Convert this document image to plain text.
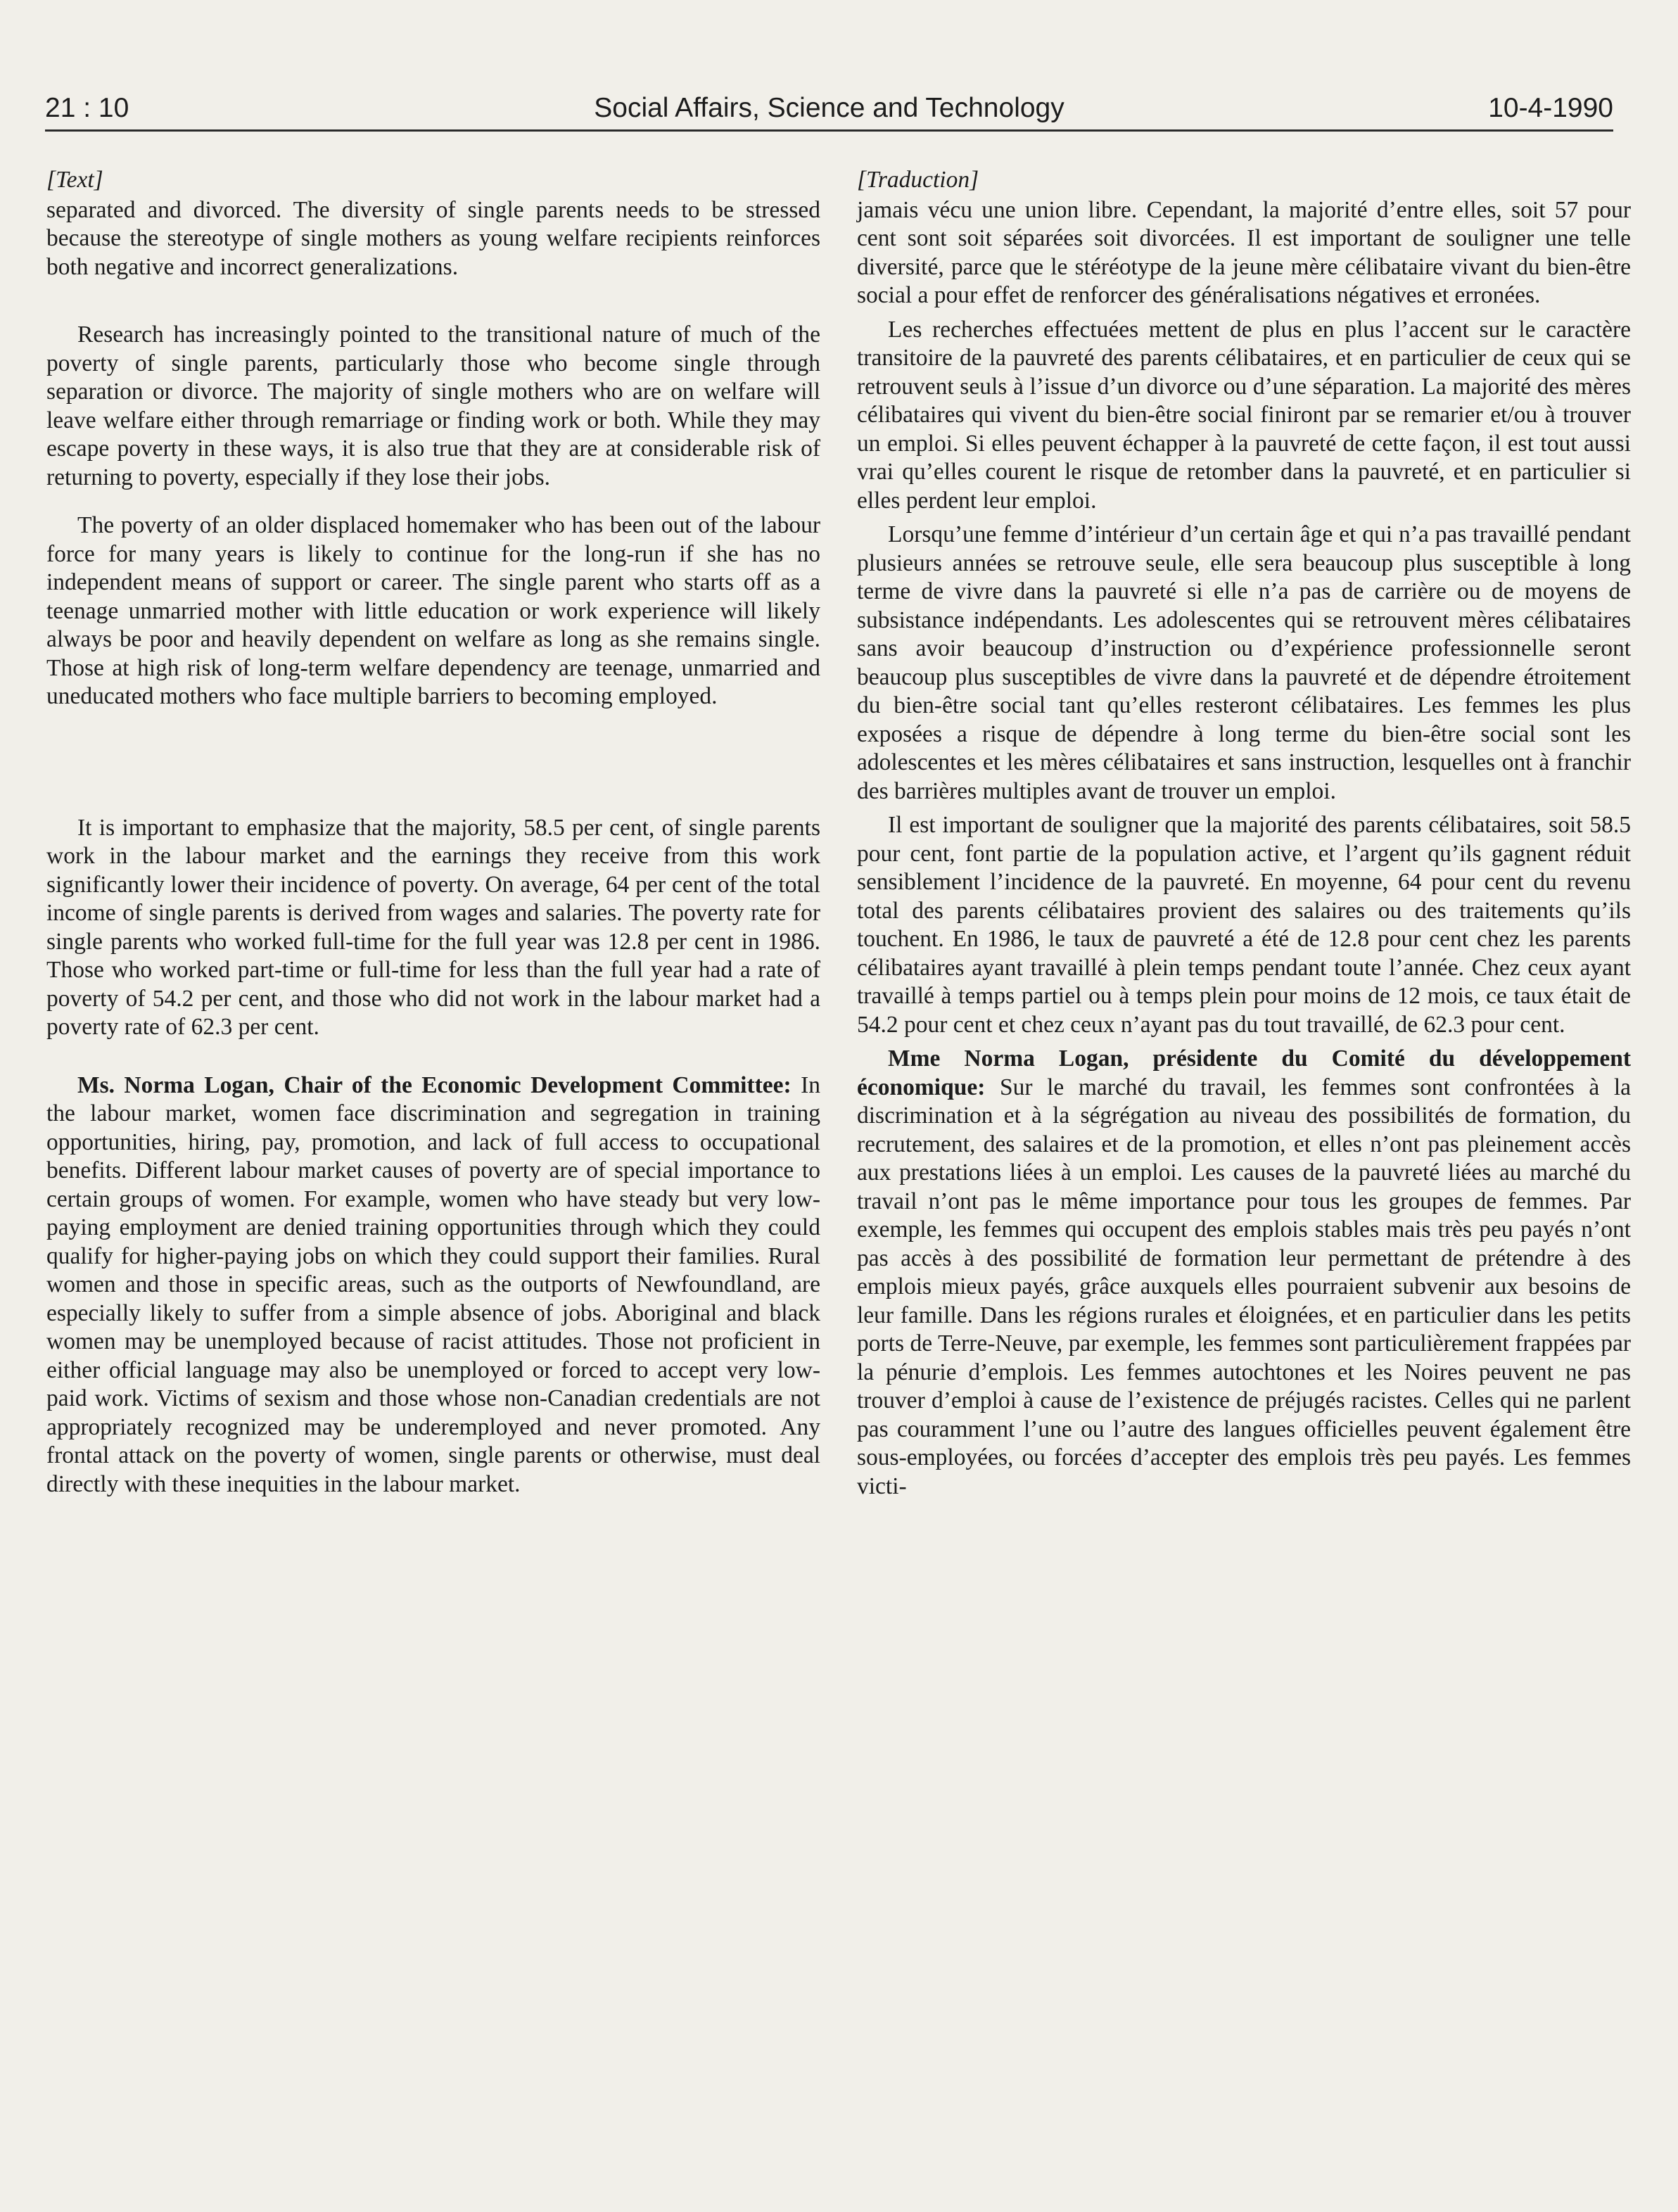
21 : 10	Social Affairs, Science and Technology	10-4-1990
[Text]

separated and divorced. The diversity of single parents needs to be stressed because the stereotype of single mothers as young welfare recipients reinforces both negative and incorrect generalizations.

Research has increasingly pointed to the transitional nature of much of the poverty of single parents, particularly those who become single through separation or divorce. The majority of single mothers who are on welfare will leave welfare either through remarriage or finding work or both. While they may escape poverty in these ways, it is also true that they are at considerable risk of returning to poverty, especially if they lose their jobs.

The poverty of an older displaced homemaker who has been out of the labour force for many years is likely to continue for the long-run if she has no independent means of support or career. The single parent who starts off as a teenage unmarried mother with little education or work experience will likely always be poor and heavily dependent on welfare as long as she remains single. Those at high risk of long-term welfare dependency are teenage, unmarried and uneducated mothers who face multiple barriers to becoming employed.

It is important to emphasize that the majority, 58.5 per cent, of single parents work in the labour market and the earnings they receive from this work significantly lower their incidence of poverty. On average, 64 per cent of the total income of single parents is derived from wages and salaries. The poverty rate for single parents who worked full-time for the full year was 12.8 per cent in 1986. Those who worked part-time or full-time for less than the full year had a rate of poverty of 54.2 per cent, and those who did not work in the labour market had a poverty rate of 62.3 per cent.

Ms. Norma Logan, Chair of the Economic Development Committee: In the labour market, women face discrimination and segregation in training opportunities, hiring, pay, promotion, and lack of full access to occupational benefits. Different labour market causes of poverty are of special importance to certain groups of women. For example, women who have steady but very low-paying employment are denied training opportunities through which they could qualify for higher-paying jobs on which they could support their families. Rural women and those in specific areas, such as the outports of Newfoundland, are especially likely to suffer from a simple absence of jobs. Aboriginal and black women may be unemployed because of racist attitudes. Those not proficient in either official language may also be unemployed or forced to accept very low-paid work. Victims of sexism and those whose non-Canadian credentials are not appropriately recognized may be underemployed and never promoted. Any frontal attack on the poverty of women, single parents or otherwise, must deal directly with these inequities in the labour market.

[Traduction]

jamais vécu une union libre. Cependant, la majorité d’entre elles, soit 57 pour cent sont soit séparées soit divorcées. Il est important de souligner une telle diversité, parce que le stéréotype de la jeune mère célibataire vivant du bien-être social a pour effet de renforcer des généralisations négatives et erronées.

Les recherches effectuées mettent de plus en plus l’accent sur le caractère transitoire de la pauvreté des parents célibataires, et en particulier de ceux qui se retrouvent seuls à l’issue d’un divorce ou d’une séparation. La majorité des mères célibataires qui vivent du bien-être social finiront par se remarier et/ou à trouver un emploi. Si elles peuvent échapper à la pauvreté de cette façon, il est tout aussi vrai qu’elles courent le risque de retomber dans la pauvreté, et en particulier si elles perdent leur emploi.

Lorsqu’une femme d’intérieur d’un certain âge et qui n’a pas travaillé pendant plusieurs années se retrouve seule, elle sera beaucoup plus susceptible à long terme de vivre dans la pauvreté si elle n’a pas de carrière ou de moyens de subsistance indépendants. Les adolescentes qui se retrouvent mères célibataires sans avoir beaucoup d’instruction ou d’expérience professionnelle seront beaucoup plus susceptibles de vivre dans la pauvreté et de dépendre étroitement du bien-être social tant qu’elles resteront célibataires. Les femmes les plus exposées a risque de dépendre à long terme du bien-être social sont les adolescentes et les mères célibataires et sans instruction, lesquelles ont à franchir des barrières multiples avant de trouver un emploi.

Il est important de souligner que la majorité des parents célibataires, soit 58.5 pour cent, font partie de la population active, et l’argent qu’ils gagnent réduit sensiblement l’incidence de la pauvreté. En moyenne, 64 pour cent du revenu total des parents célibataires provient des salaires ou des traitements qu’ils touchent. En 1986, le taux de pauvreté a été de 12.8 pour cent chez les parents célibataires ayant travaillé à plein temps pendant toute l’année. Chez ceux ayant travaillé à temps partiel ou à temps plein pour moins de 12 mois, ce taux était de 54.2 pour cent et chez ceux n’ayant pas du tout travaillé, de 62.3 pour cent.

Mme Norma Logan, présidente du Comité du développement économique: Sur le marché du travail, les femmes sont confrontées à la discrimination et à la ségrégation au niveau des possibilités de formation, du recrutement, des salaires et de la promotion, et elles n’ont pas pleinement accès aux prestations liées à un emploi. Les causes de la pauvreté liées au marché du travail n’ont pas le même importance pour tous les groupes de femmes. Par exemple, les femmes qui occupent des emplois stables mais très peu payés n’ont pas accès à des possibilité de formation leur permettant de prétendre à des emplois mieux payés, grâce auxquels elles pourraient subvenir aux besoins de leur famille. Dans les régions rurales et éloignées, et en particulier dans les petits ports de Terre-Neuve, par exemple, les femmes sont particulièrement frappées par la pénurie d’emplois. Les femmes autochtones et les Noires peuvent ne pas trouver d’emploi à cause de l’existence de préjugés racistes. Celles qui ne parlent pas couramment l’une ou l’autre des langues officielles peuvent également être sous-employées, ou forcées d’accepter des emplois très peu payés. Les femmes victi-
